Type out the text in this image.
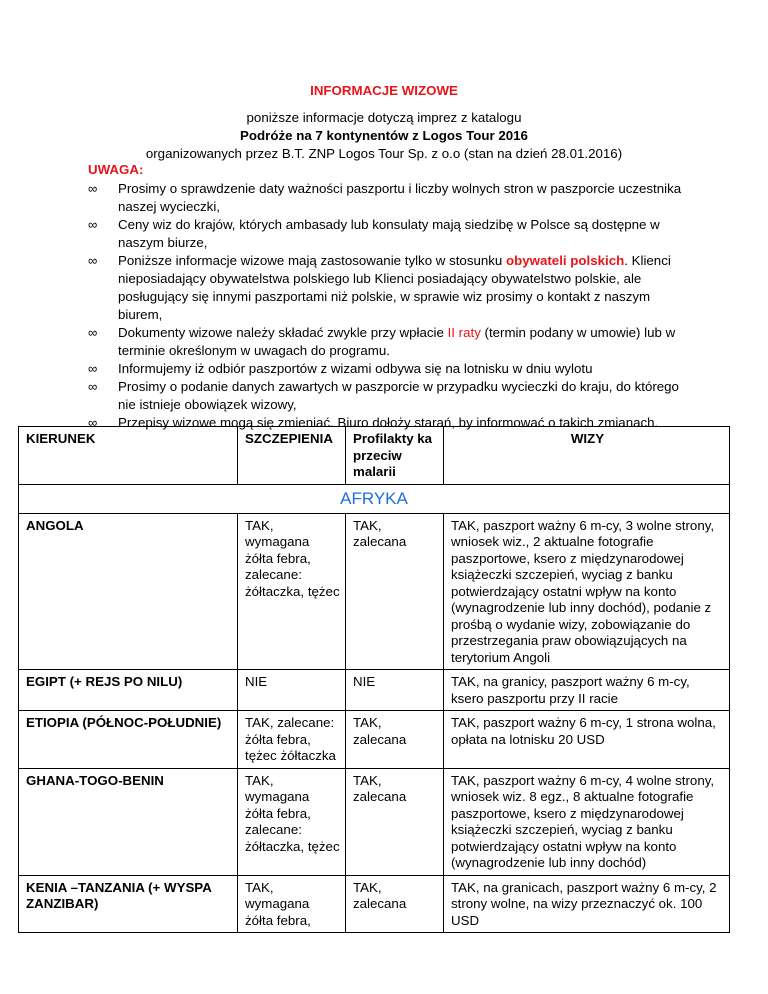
INFORMACJE WIZOWE
poniższe informacje dotyczą imprez z katalogu
Podróże na 7 kontynentów z Logos Tour 2016
organizowanych przez B.T. ZNP Logos Tour Sp. z o.o (stan na dzień 28.01.2016)
UWAGA:
∞ Prosimy o sprawdzenie daty ważności paszportu i liczby wolnych stron w paszporcie uczestnika naszej wycieczki,
∞ Ceny wiz do krajów, których ambasady lub konsulaty mają siedzibę w Polsce są dostępne w naszym biurze,
∞ Poniższe informacje wizowe mają zastosowanie tylko w stosunku obywateli polskich. Klienci nieposiadający obywatelstwa polskiego lub Klienci posiadający obywatelstwo polskie, ale posługujący się innymi paszportami niż polskie, w sprawie wiz prosimy o kontakt z naszym biurem,
∞ Dokumenty wizowe należy składać zwykle przy wpłacie II raty (termin podany w umowie) lub w terminie określonym w uwagach do programu.
∞ Informujemy iż odbiór paszportów z wizami odbywa się na lotnisku w dniu wylotu
∞ Prosimy o podanie danych zawartych w paszporcie w przypadku wycieczki do kraju, do którego nie istnieje obowiązek wizowy,
∞ Przepisy wizowe mogą się zmieniać. Biuro dołoży starań, by informować o takich zmianach.
KIERUNEK	SZCZEPIENIA	Profilakty ka przeciw malarii	WIZY
AFRYKA			
ANGOLA	TAK, wymagana żółta febra, zalecane: żółtaczka, tężec	TAK, zalecana	TAK, paszport ważny 6 m-cy, 3 wolne strony, wniosek wiz., 2 aktualne fotografie paszportowe, ksero z międzynarodowej książeczki szczepień, wyciag z banku potwierdzający ostatni wpływ na konto (wynagrodzenie lub inny dochód), podanie z prośbą o wydanie wizy, zobowiązanie do przestrzegania praw obowiązujących na terytorium Angoli
EGIPT (+ REJS PO NILU)	NIE	NIE	TAK, na granicy, paszport ważny 6 m-cy, ksero paszportu przy II racie
ETIOPIA (PÓŁNOC-POŁUDNIE)	TAK, zalecane: żółta febra, tężec żółtaczka	TAK, zalecana	TAK, paszport ważny 6 m-cy, 1 strona wolna, opłata na lotnisku 20 USD
GHANA-TOGO-BENIN	TAK, wymagana żółta febra, zalecane: żółtaczka, tężec	TAK, zalecana	TAK, paszport ważny 6 m-cy, 4 wolne strony, wniosek wiz. 8 egz., 8 aktualne fotografie paszportowe, ksero z międzynarodowej książeczki szczepień, wyciag z banku potwierdzający ostatni wpływ na konto (wynagrodzenie lub inny dochód)
KENIA –TANZANIA (+ WYSPA ZANZIBAR)	TAK, wymagana żółta febra,	TAK, zalecana	TAK, na granicach, paszport ważny 6 m-cy, 2 strony wolne, na wizy przeznaczyć ok. 100 USD
